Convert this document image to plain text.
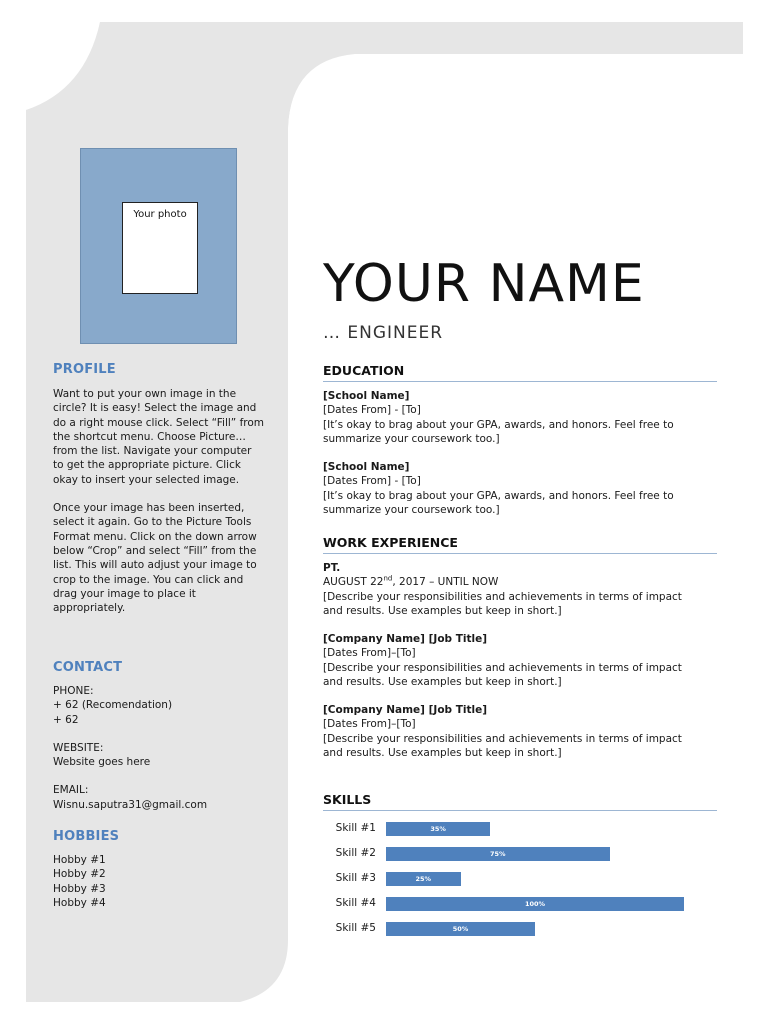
Your photo
PROFILE

Want to put your own image in the circle? It is easy! Select the image and do a right mouse click. Select “Fill” from the shortcut menu. Choose Picture… from the list. Navigate your computer to get the appropriate picture. Click okay to insert your selected image.

Once your image has been inserted, select it again. Go to the Picture Tools Format menu. Click on the down arrow below “Crop” and select “Fill” from the list. This will auto adjust your image to crop to the image. You can click and drag your image to place it appropriately.

CONTACT
PHONE:
+ 62 (Recomendation)
+ 62
WEBSITE:
Website goes here
EMAIL:
Wisnu.saputra31@gmail.com
HOBBIES
Hobby #1
Hobby #2
Hobby #3
Hobby #4
YOUR NAME
… ENGINEER
EDUCATION
[School Name]
[Dates From] - [To]
[It’s okay to brag about your GPA, awards, and honors. Feel free to
summarize your coursework too.]
[School Name]
[Dates From] - [To]
[It’s okay to brag about your GPA, awards, and honors. Feel free to
summarize your coursework too.]
WORK EXPERIENCE
PT.
AUGUST 22nd, 2017 – UNTIL NOW
[Describe your responsibilities and achievements in terms of impact
and results. Use examples but keep in short.]
[Company Name] [Job Title]
[Dates From]–[To]
[Describe your responsibilities and achievements in terms of impact
and results. Use examples but keep in short.]
[Company Name] [Job Title]
[Dates From]–[To]
[Describe your responsibilities and achievements in terms of impact
and results. Use examples but keep in short.]
SKILLS
Skill #1	35%
Skill #2	75%
Skill #3	25%
Skill #4	100%
Skill #5	50%
